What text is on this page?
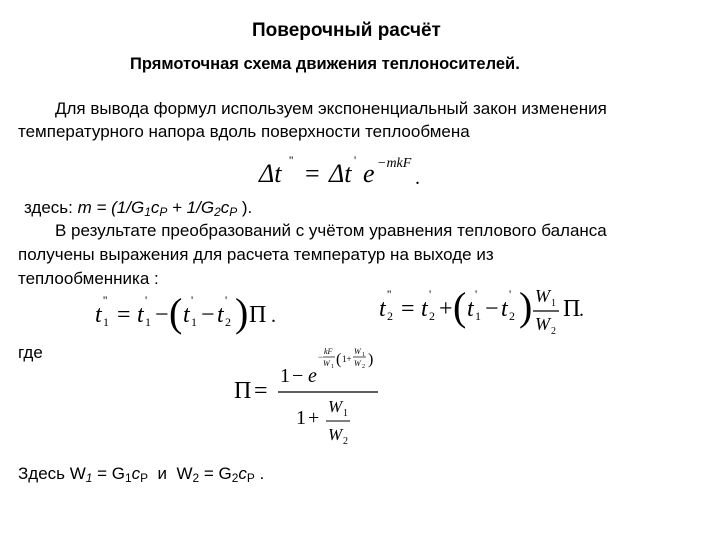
Поверочный расчёт
Прямоточная схема движения теплоносителей.
Для вывода формул используем экспоненциальный закон изменения
температурного напора вдоль поверхности теплообмена
Δt '' = Δt ' e −mkF
.
здесь: $m = (1/G_1c_P + 1/G_2c_P$ ).
В результате преобразований с учётом уравнения теплового баланса
получены выражения для расчета температур на выходе из
теплообменника :
t 1
''
= t 1
'
− ( t 1
'
− t 2
' ) Π .	t 2
''
= t 2
'
+ ( t 1
'
− t 2
' ) W 1
W 2
Π
.
где
Π =
1 − e
−
kF
W 1 ( 1+
W 1
W 2 )
1 +
W 1
W 2
Здесь $W_1 = G_1c_P$ и $W_2 = G_2c_P$ .
